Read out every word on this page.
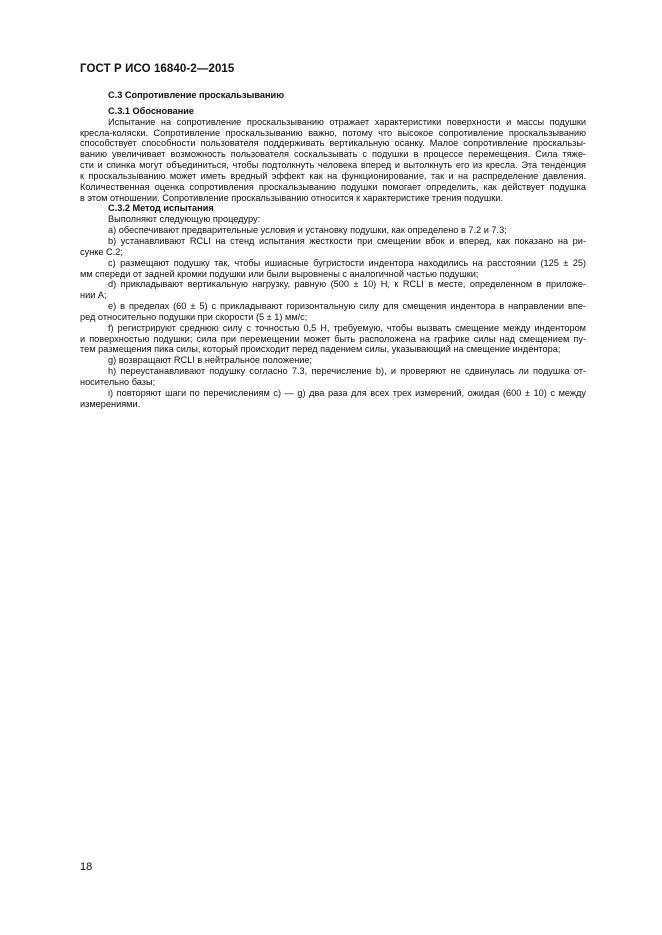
ГОСТ Р ИСО 16840-2—2015
С.3 Сопротивление проскальзыванию
С.3.1 Обоснование
Испытание на сопротивление проскальзыванию отражает характеристики поверхности и массы подушки
кресла-коляски. Сопротивление проскальзыванию важно, потому что высокое сопротивление проскальзыванию
способствует способности пользователя поддерживать вертикальную осанку. Малое сопротивление проскальзы-
ванию увеличивает возможность пользователя соскальзывать с подушки в процессе перемещения. Сила тяже-
сти и спинка могут объединиться, чтобы подтолкнуть человека вперед и вытолкнуть его из кресла. Эта тенденция
к проскальзыванию может иметь вредный эффект как на функционирование, так и на распределение давления.
Количественная оценка сопротивления проскальзыванию подушки помогает определить, как действует подушка
в этом отношении. Сопротивление проскальзыванию относится к характеристике трения подушки.
С.3.2 Метод испытания
Выполняют следующую процедуру:
a) обеспечивают предварительные условия и установку подушки, как определено в 7.2 и 7.3;
b) устанавливают RCLI на стенд испытания жесткости при смещении вбок и вперед, как показано на ри-
сунке С.2;
c) размещают подушку так, чтобы ишиасные бугристости индентора находились на расстоянии (125 ± 25)
мм спереди от задней кромки подушки или были выровнены с аналогичной частью подушки;
d) прикладывают вертикальную нагрузку, равную (500 ± 10) Н, к RCLI в месте, определенном в приложе-
нии А;
e) в пределах (60 ± 5) с прикладывают горизонтальную силу для смещения индентора в направлении впе-
ред относительно подушки при скорости (5 ± 1) мм/с;
f) регистрируют среднюю силу с точностью 0,5 Н, требуемую, чтобы вызвать смещение между индентором
и поверхностью подушки; сила при перемещении может быть расположена на графике силы над смещением пу-
тем размещения пика силы, который происходит перед падением силы, указывающий на смещение индентора;
g) возвращают RCLI в нейтральное положение;
h) переустанавливают подушку согласно 7.3, перечисление b), и проверяют не сдвинулась ли подушка от-
носительно базы;
i) повторяют шаги по перечислениям c) — g) два раза для всех трех измерений, ожидая (600 ± 10) с между
измерениями.
18
